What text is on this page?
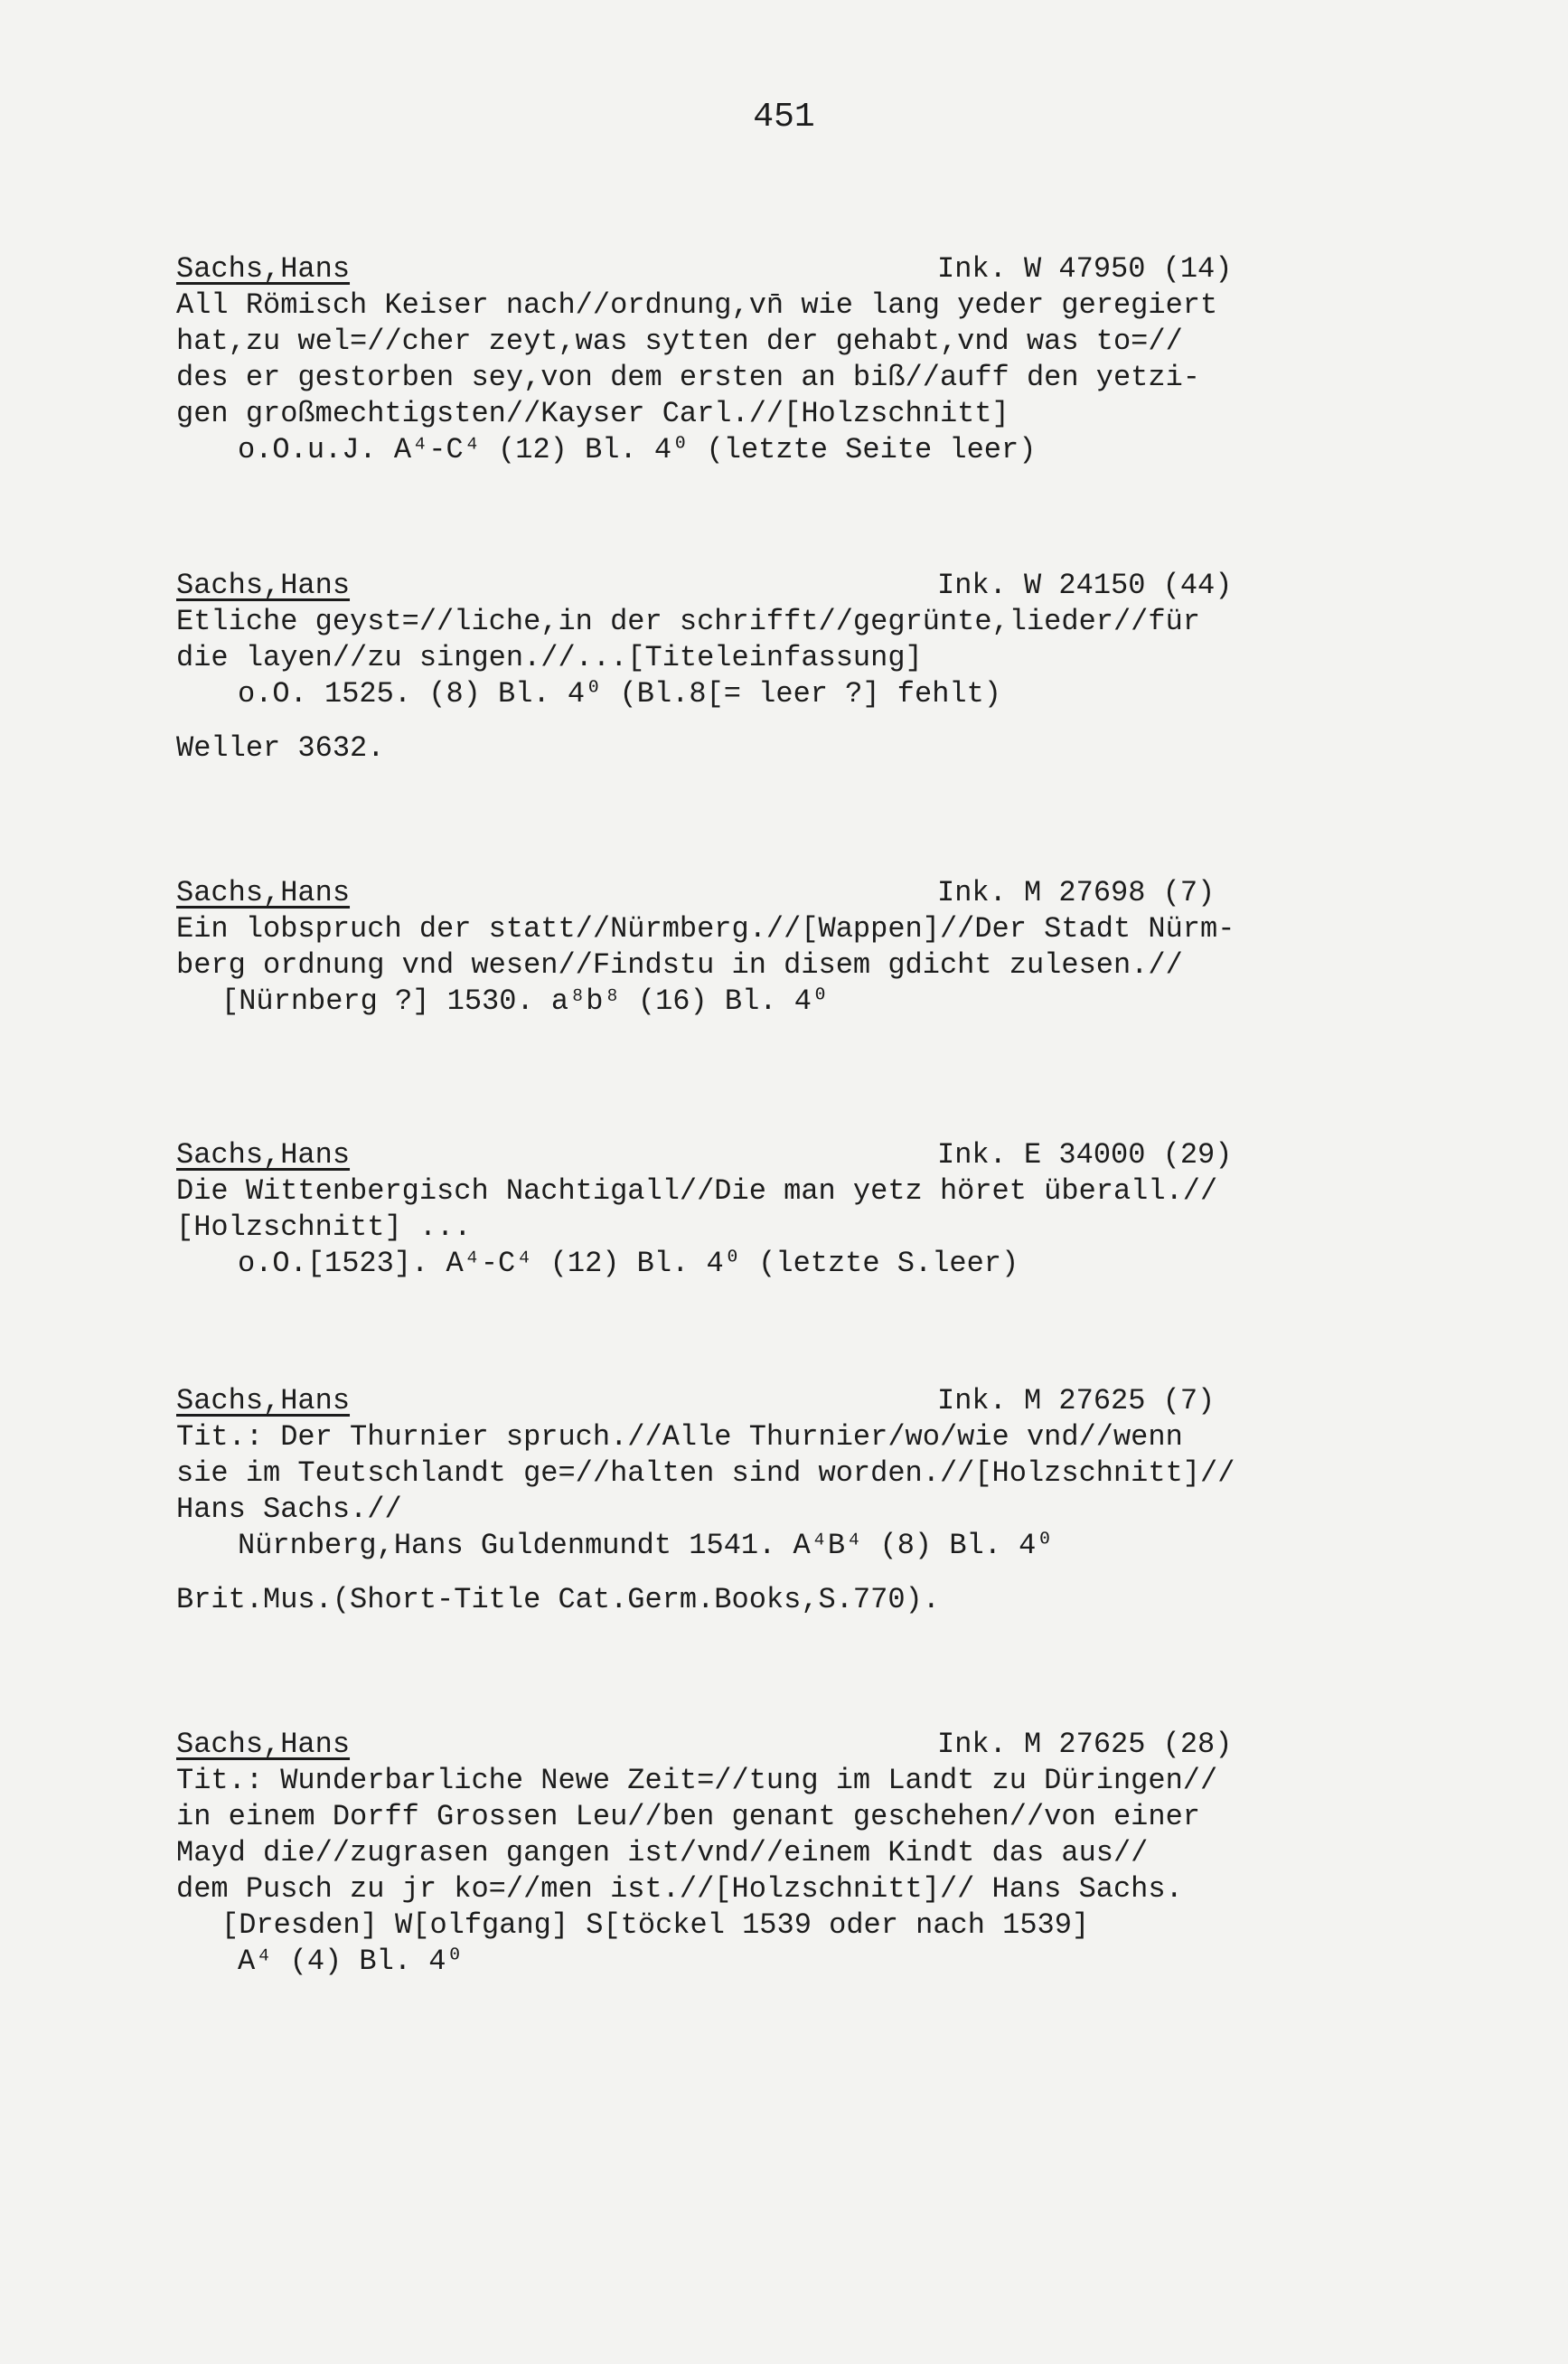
451
Sachs,Hans	Ink. W 47950 (14)
All Römisch Keiser nach//ordnung,vn̄ wie lang yeder geregiert
hat,zu wel=//cher zeyt,was sytten der gehabt,vnd was to=//
des er gestorben sey,von dem ersten an biß//auff den yetzi-
gen großmechtigsten//Kayser Carl.//[Holzschnitt]
o.O.u.J. A⁴-C⁴ (12) Bl. 4⁰ (letzte Seite leer)
Sachs,Hans	Ink. W 24150 (44)
Etliche geyst=//liche,in der schrifft//gegrünte,lieder//für
die layen//zu singen.//...[Titeleinfassung]
o.O. 1525. (8) Bl. 4⁰ (Bl.8[= leer ?] fehlt)
Weller 3632.
Sachs,Hans	Ink. M 27698 (7)
Ein lobspruch der statt//Nürmberg.//[Wappen]//Der Stadt Nürm-
berg ordnung vnd wesen//Findstu in disem gdicht zulesen.//
[Nürnberg ?] 1530. a⁸b⁸ (16) Bl. 4⁰
Sachs,Hans	Ink. E 34000 (29)
Die Wittenbergisch Nachtigall//Die man yetz höret überall.//
[Holzschnitt] ...
o.O.[1523]. A⁴-C⁴ (12) Bl. 4⁰ (letzte S.leer)
Sachs,Hans	Ink. M 27625 (7)
Tit.: Der Thurnier spruch.//Alle Thurnier/wo/wie vnd//wenn
sie im Teutschlandt ge=//halten sind worden.//[Holzschnitt]//
Hans Sachs.//
Nürnberg,Hans Guldenmundt 1541. A⁴B⁴ (8) Bl. 4⁰
Brit.Mus.(Short-Title Cat.Germ.Books,S.770).
Sachs,Hans	Ink. M 27625 (28)
Tit.: Wunderbarliche Newe Zeit=//tung im Landt zu Düringen//
in einem Dorff Grossen Leu//ben genant geschehen//von einer
Mayd die//zugrasen gangen ist/vnd//einem Kindt das aus//
dem Pusch zu jr ko=//men ist.//[Holzschnitt]// Hans Sachs.
[Dresden] W[olfgang] S[töckel 1539 oder nach 1539]
A⁴ (4) Bl. 4⁰
